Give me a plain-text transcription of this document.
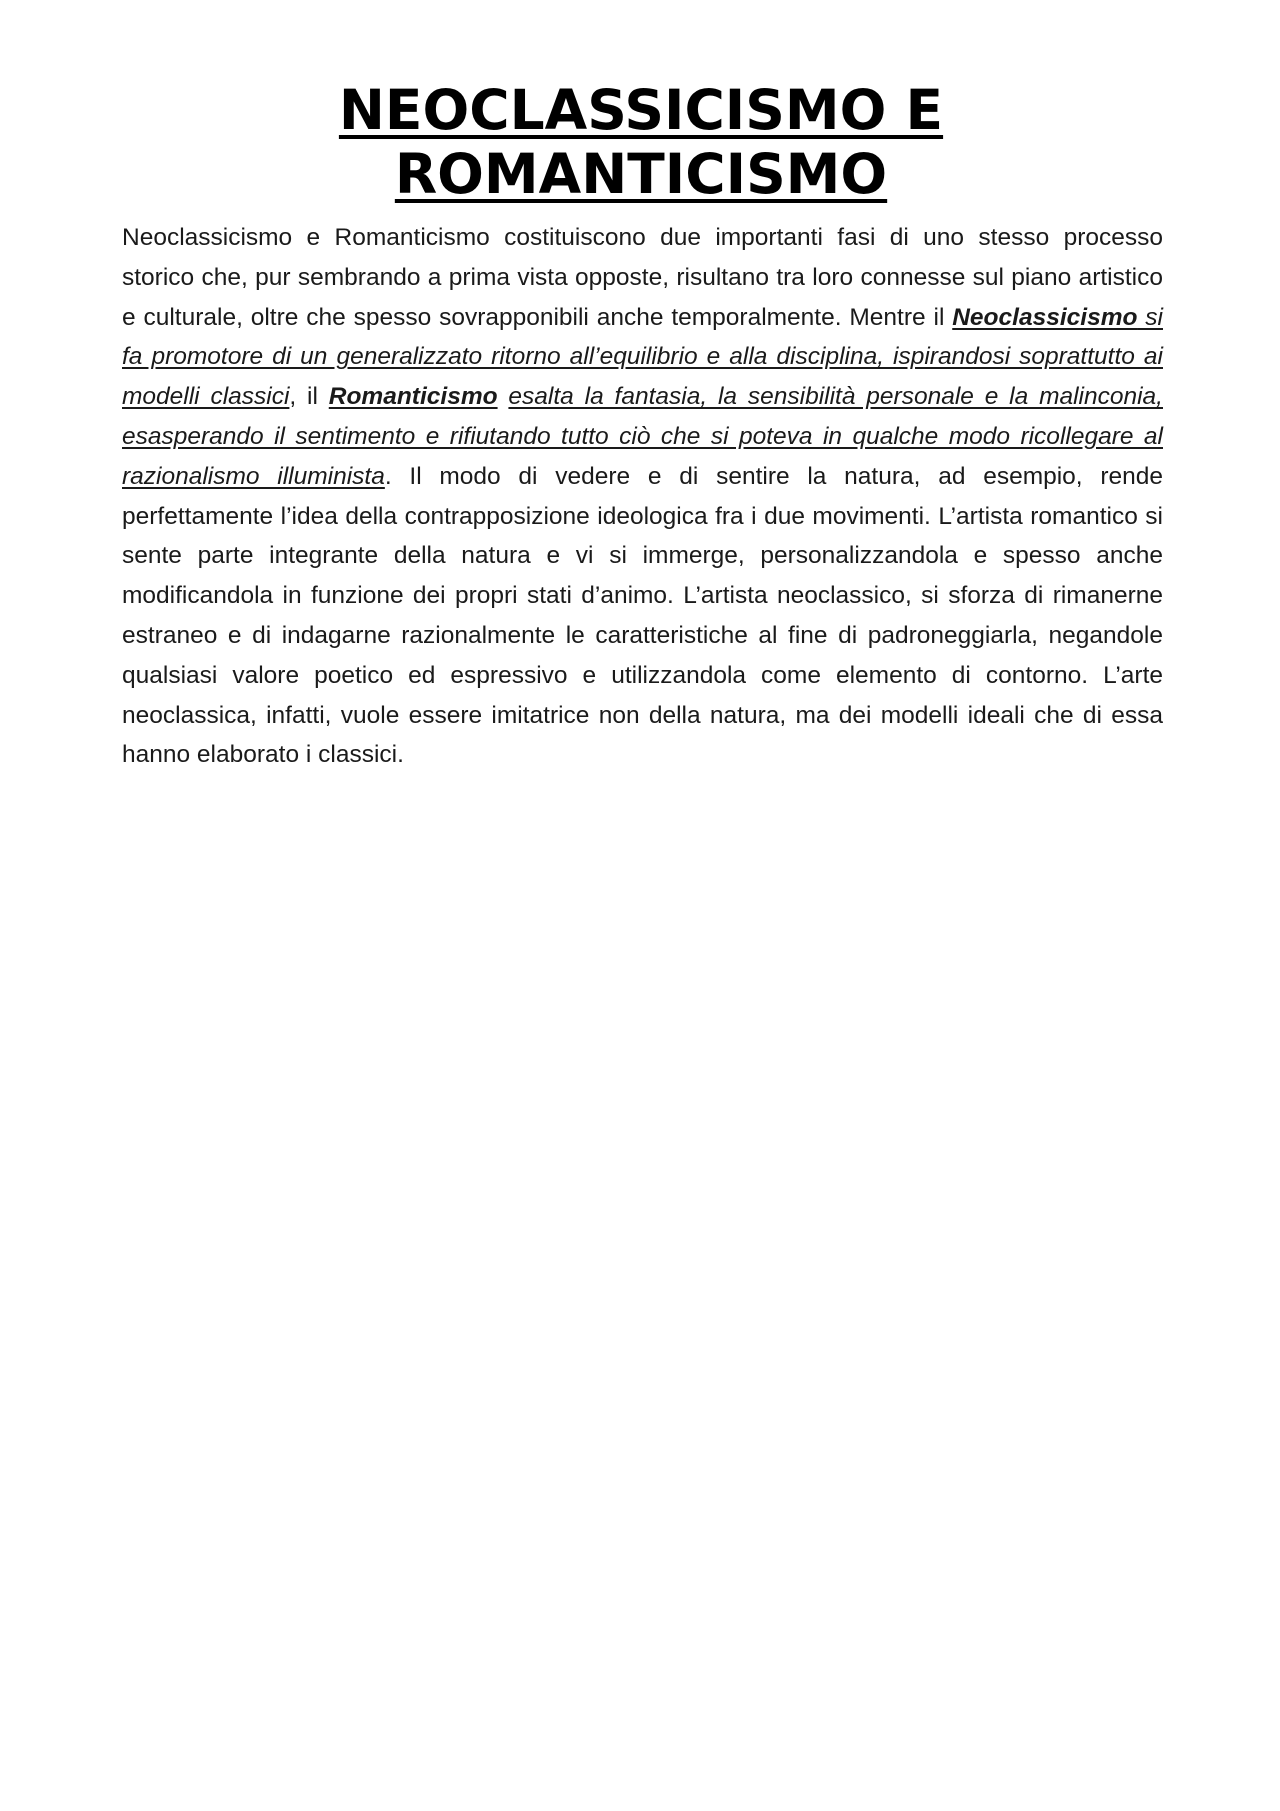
NEOCLASSICISMO E ROMANTICISMO

Neoclassicismo e Romanticismo costituiscono due importanti fasi di uno stesso processo storico che, pur sembrando a prima vista opposte, risultano tra loro connesse sul piano artistico e culturale, oltre che spesso sovrapponibili anche temporalmente. Mentre il Neoclassicismo si fa promotore di un generalizzato ritorno all’equilibrio e alla disciplina, ispirandosi soprattutto ai modelli classici, il Romanticismo esalta la fantasia, la sensibilità personale e la malinconia, esasperando il sentimento e rifiutando tutto ciò che si poteva in qualche modo ricollegare al razionalismo illuminista. Il modo di vedere e di sentire la natura, ad esempio, rende perfettamente l’idea della contrapposizione ideologica fra i due movimenti. L’artista romantico si sente parte integrante della natura e vi si immerge, personalizzandola e spesso anche modificandola in funzione dei propri stati d’animo. L’artista neoclassico, si sforza di rimanerne estraneo e di indagarne razionalmente le caratteristiche al fine di padroneggiarla, negandole qualsiasi valore poetico ed espressivo e utilizzandola come elemento di contorno. L’arte neoclassica, infatti, vuole essere imitatrice non della natura, ma dei modelli ideali che di essa hanno elaborato i classici.
